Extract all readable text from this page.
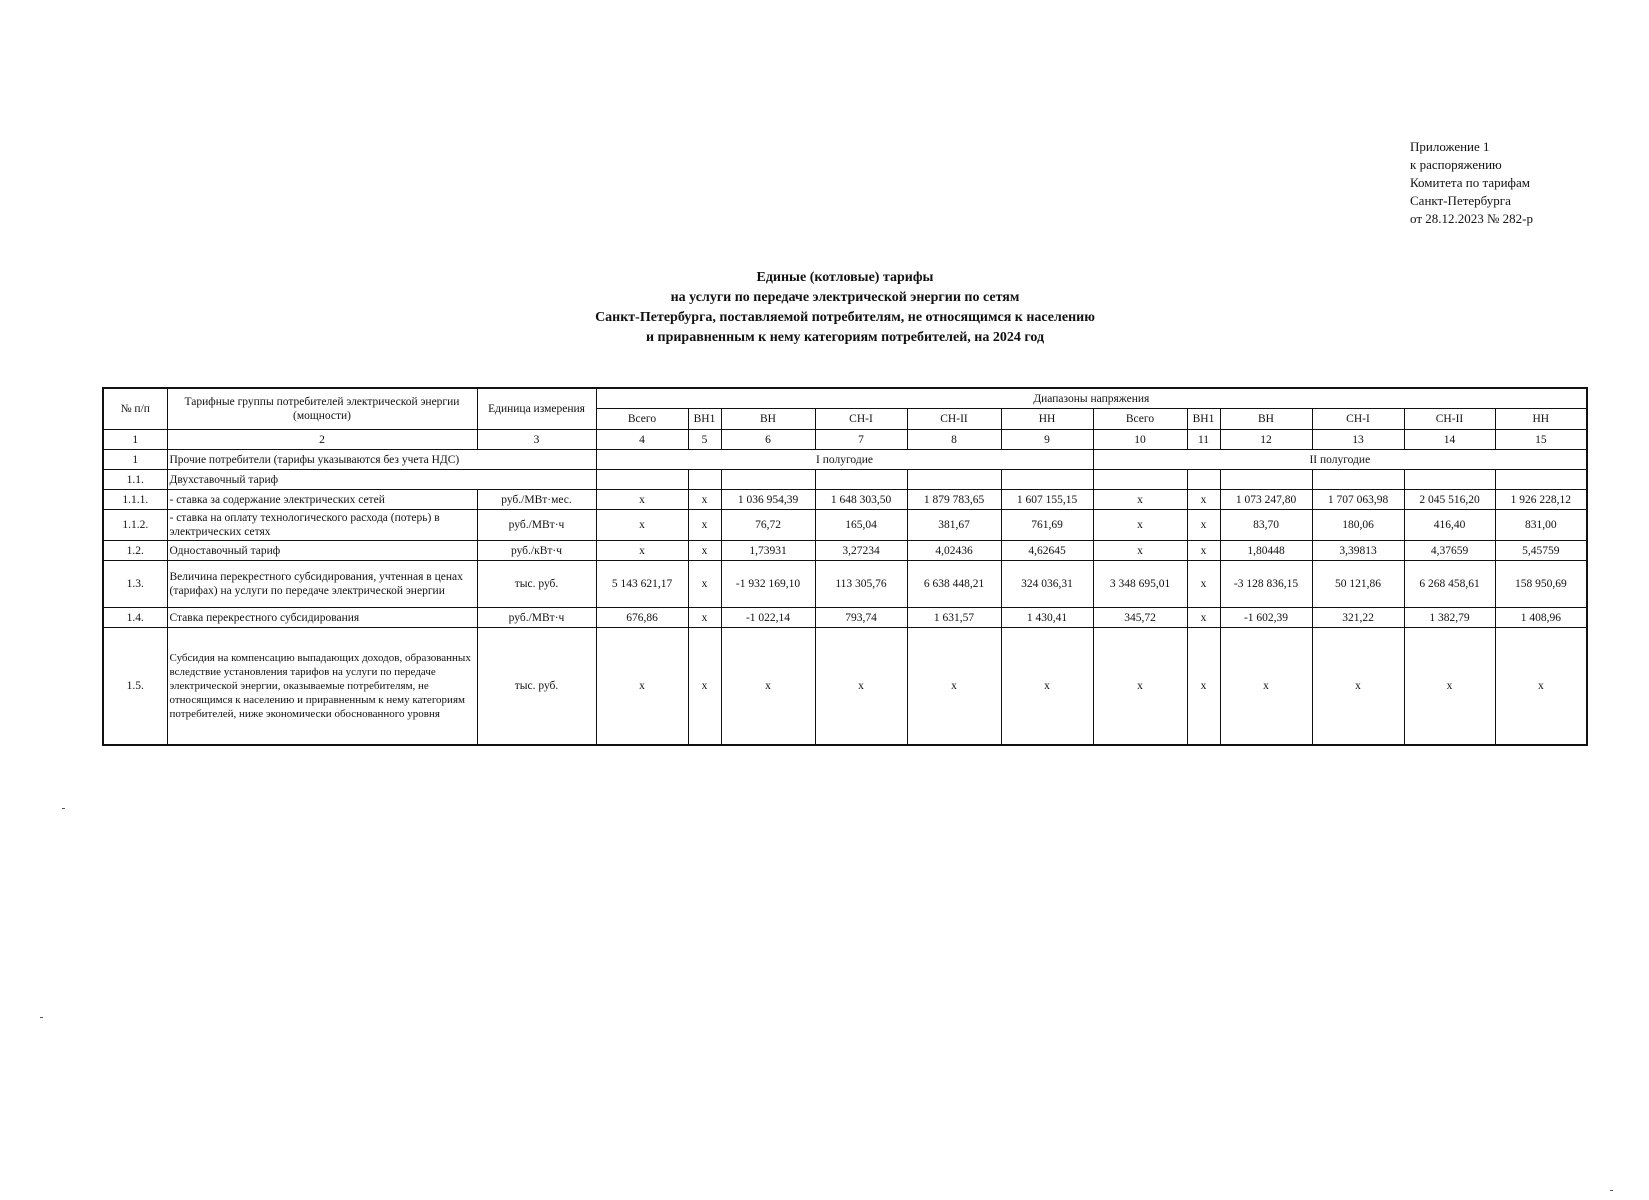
Приложение 1
к распоряжению
Комитета по тарифам
Санкт-Петербурга
от 28.12.2023 № 282-р
Единые (котловые) тарифы
на услуги по передаче электрической энергии по сетям
Санкт-Петербурга, поставляемой потребителям, не относящимся к населению
и приравненным к нему категориям потребителей, на 2024 год
№ п/п	Тарифные группы потребителей электрической энергии (мощности)	Единица измерения	Диапазоны напряжения											
			Всего	ВН1	ВН	СН-I	СН-II	НН	Всего	ВН1	ВН	СН-I	СН-II	НН
1	2	3	4	5	6	7	8	9	10	11	12	13	14	15
1	Прочие потребители (тарифы указываются без учета НДС)		I полугодие						II полугодие					
1.1.	Двухставочный тариф													
1.1.1.	- ставка за содержание электрических сетей	руб./МВт·мес.	х	х	1 036 954,39	1 648 303,50	1 879 783,65	1 607 155,15	х	х	1 073 247,80	1 707 063,98	2 045 516,20	1 926 228,12
1.1.2.	- ставка на оплату технологического расхода (потерь) в электрических сетях	руб./МВт·ч	х	х	76,72	165,04	381,67	761,69	х	х	83,70	180,06	416,40	831,00
1.2.	Одноставочный тариф	руб./кВт·ч	х	х	1,73931	3,27234	4,02436	4,62645	х	х	1,80448	3,39813	4,37659	5,45759
1.3.	Величина перекрестного субсидирования, учтенная в ценах (тарифах) на услуги по передаче электрической энергии	тыс. руб.	5 143 621,17	х	-1 932 169,10	113 305,76	6 638 448,21	324 036,31	3 348 695,01	х	-3 128 836,15	50 121,86	6 268 458,61	158 950,69
1.4.	Ставка перекрестного субсидирования	руб./МВт·ч	676,86	х	-1 022,14	793,74	1 631,57	1 430,41	345,72	х	-1 602,39	321,22	1 382,79	1 408,96
1.5.	Субсидия на компенсацию выпадающих доходов, образованных вследствие установления тарифов на услуги по передаче электрической энергии, оказываемые потребителям, не относящимся к населению и приравненным к нему категориям потребителей, ниже экономически обоснованного уровня	тыс. руб.	х	х	х	х	х	х	х	х	х	х	х	х
